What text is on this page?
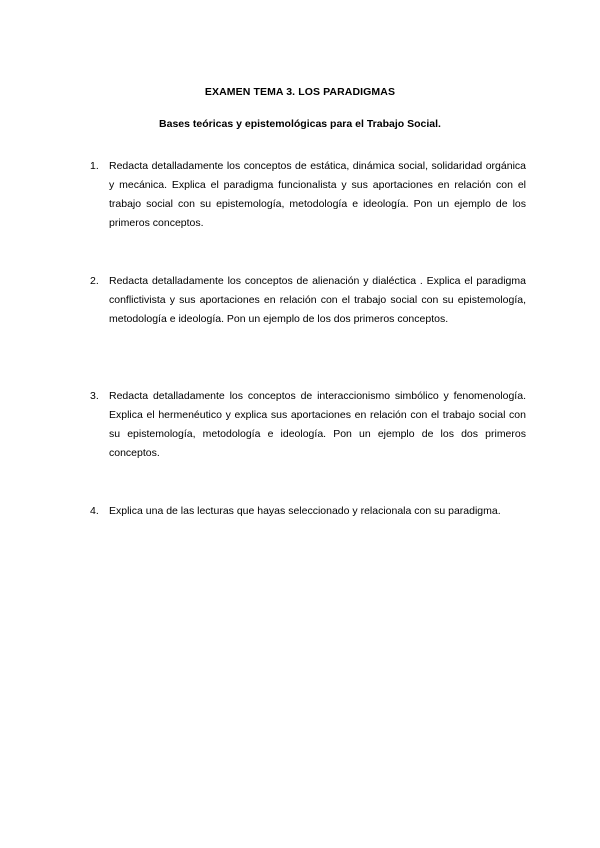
EXAMEN TEMA 3. LOS PARADIGMAS
Bases teóricas y epistemológicas para el Trabajo Social.
1. Redacta detalladamente los conceptos de estática, dinámica social, solidaridad orgánica y mecánica. Explica el paradigma funcionalista y sus aportaciones en relación con el trabajo social con su epistemología, metodología e ideología. Pon un ejemplo de los primeros conceptos.
2. Redacta detalladamente los conceptos de alienación y dialéctica . Explica el paradigma conflictivista y sus aportaciones en relación con el trabajo social con su epistemología, metodología e ideología. Pon un ejemplo de los dos primeros conceptos.
3. Redacta detalladamente los conceptos de interaccionismo simbólico y fenomenología. Explica el hermenéutico y explica sus aportaciones en relación con el trabajo social con su epistemología, metodología e ideología. Pon un ejemplo de los dos primeros conceptos.
4. Explica una de las lecturas que hayas seleccionado y relacionala con su paradigma.
